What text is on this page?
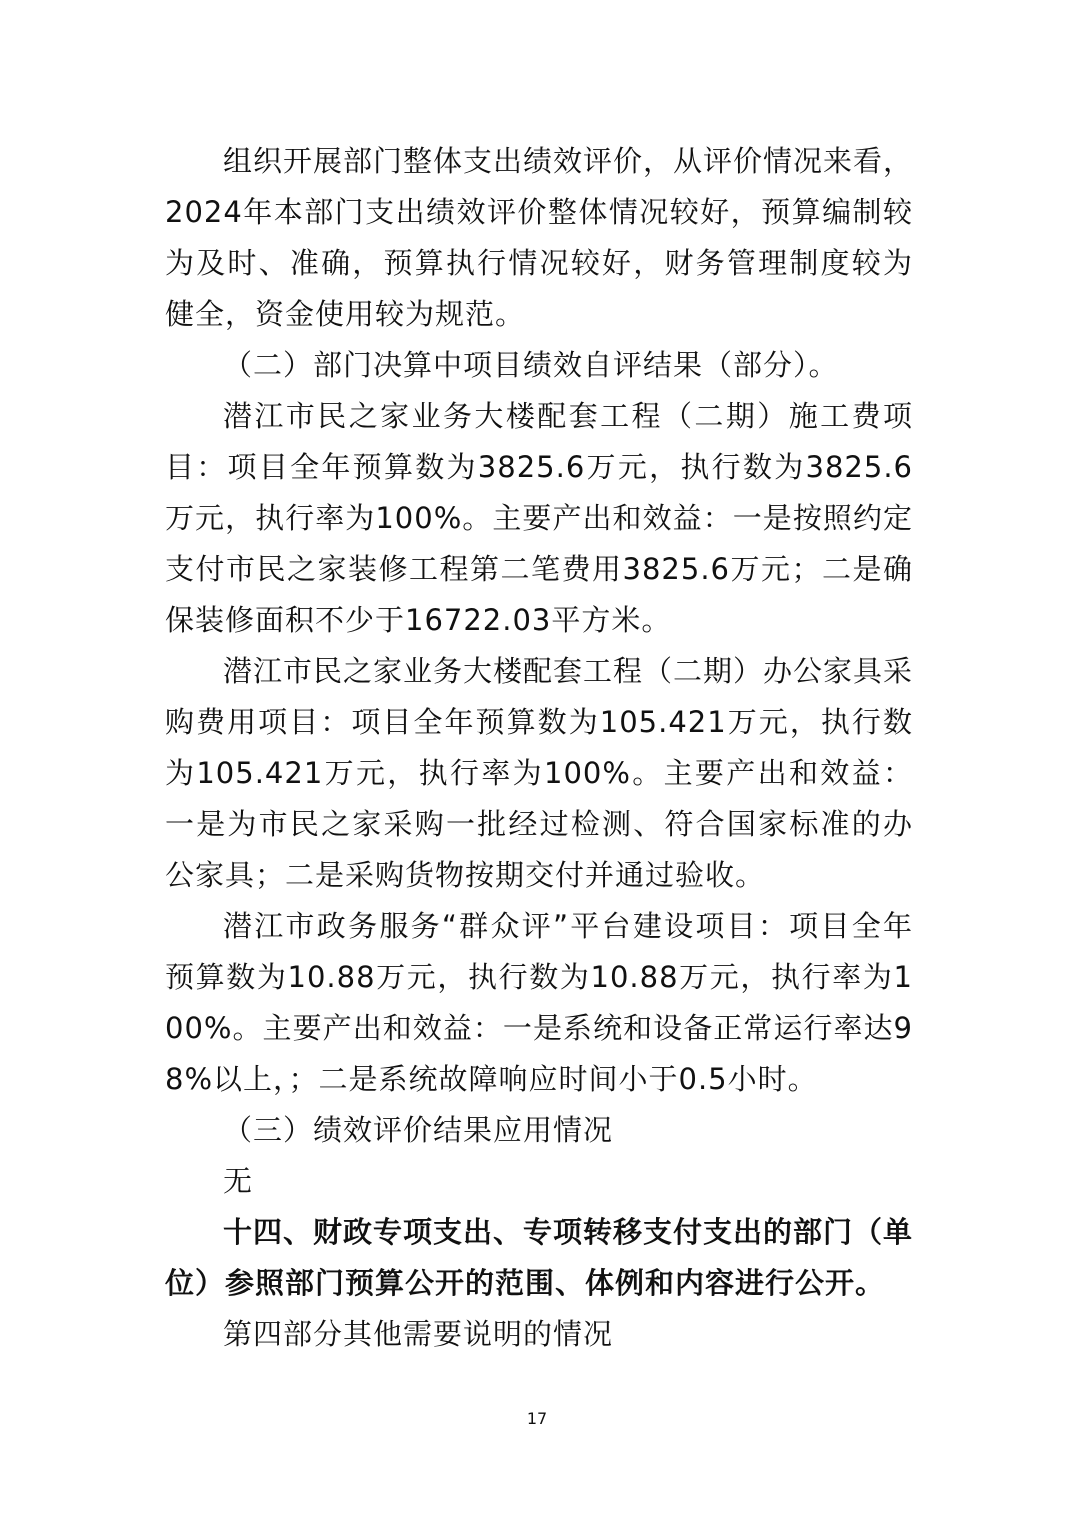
组织开展部门整体支出绩效评价，从评价情况来看，2024年本部门支出绩效评价整体情况较好，预算编制较为及时、准确，预算执行情况较好，财务管理制度较为健全，资金使用较为规范。

（二）部门决算中项目绩效自评结果（部分）。

潜江市民之家业务大楼配套工程（二期）施工费项目：项目全年预算数为3825.6万元，执行数为3825.6万元，执行率为100%。主要产出和效益：一是按照约定支付市民之家装修工程第二笔费用3825.6万元；二是确保装修面积不少于16722.03平方米。

潜江市民之家业务大楼配套工程（二期）办公家具采购费用项目：项目全年预算数为105.421万元，执行数为105.421万元，执行率为100%。主要产出和效益：一是为市民之家采购一批经过检测、符合国家标准的办公家具；二是采购货物按期交付并通过验收。

潜江市政务服务“群众评”平台建设项目：项目全年预算数为10.88万元，执行数为10.88万元，执行率为100%。主要产出和效益：一是系统和设备正常运行率达98%以上，；二是系统故障响应时间小于0.5小时。

（三）绩效评价结果应用情况

无

十四、财政专项支出、专项转移支付支出的部门（单位）参照部门预算公开的范围、体例和内容进行公开。

第四部分其他需要说明的情况

17
